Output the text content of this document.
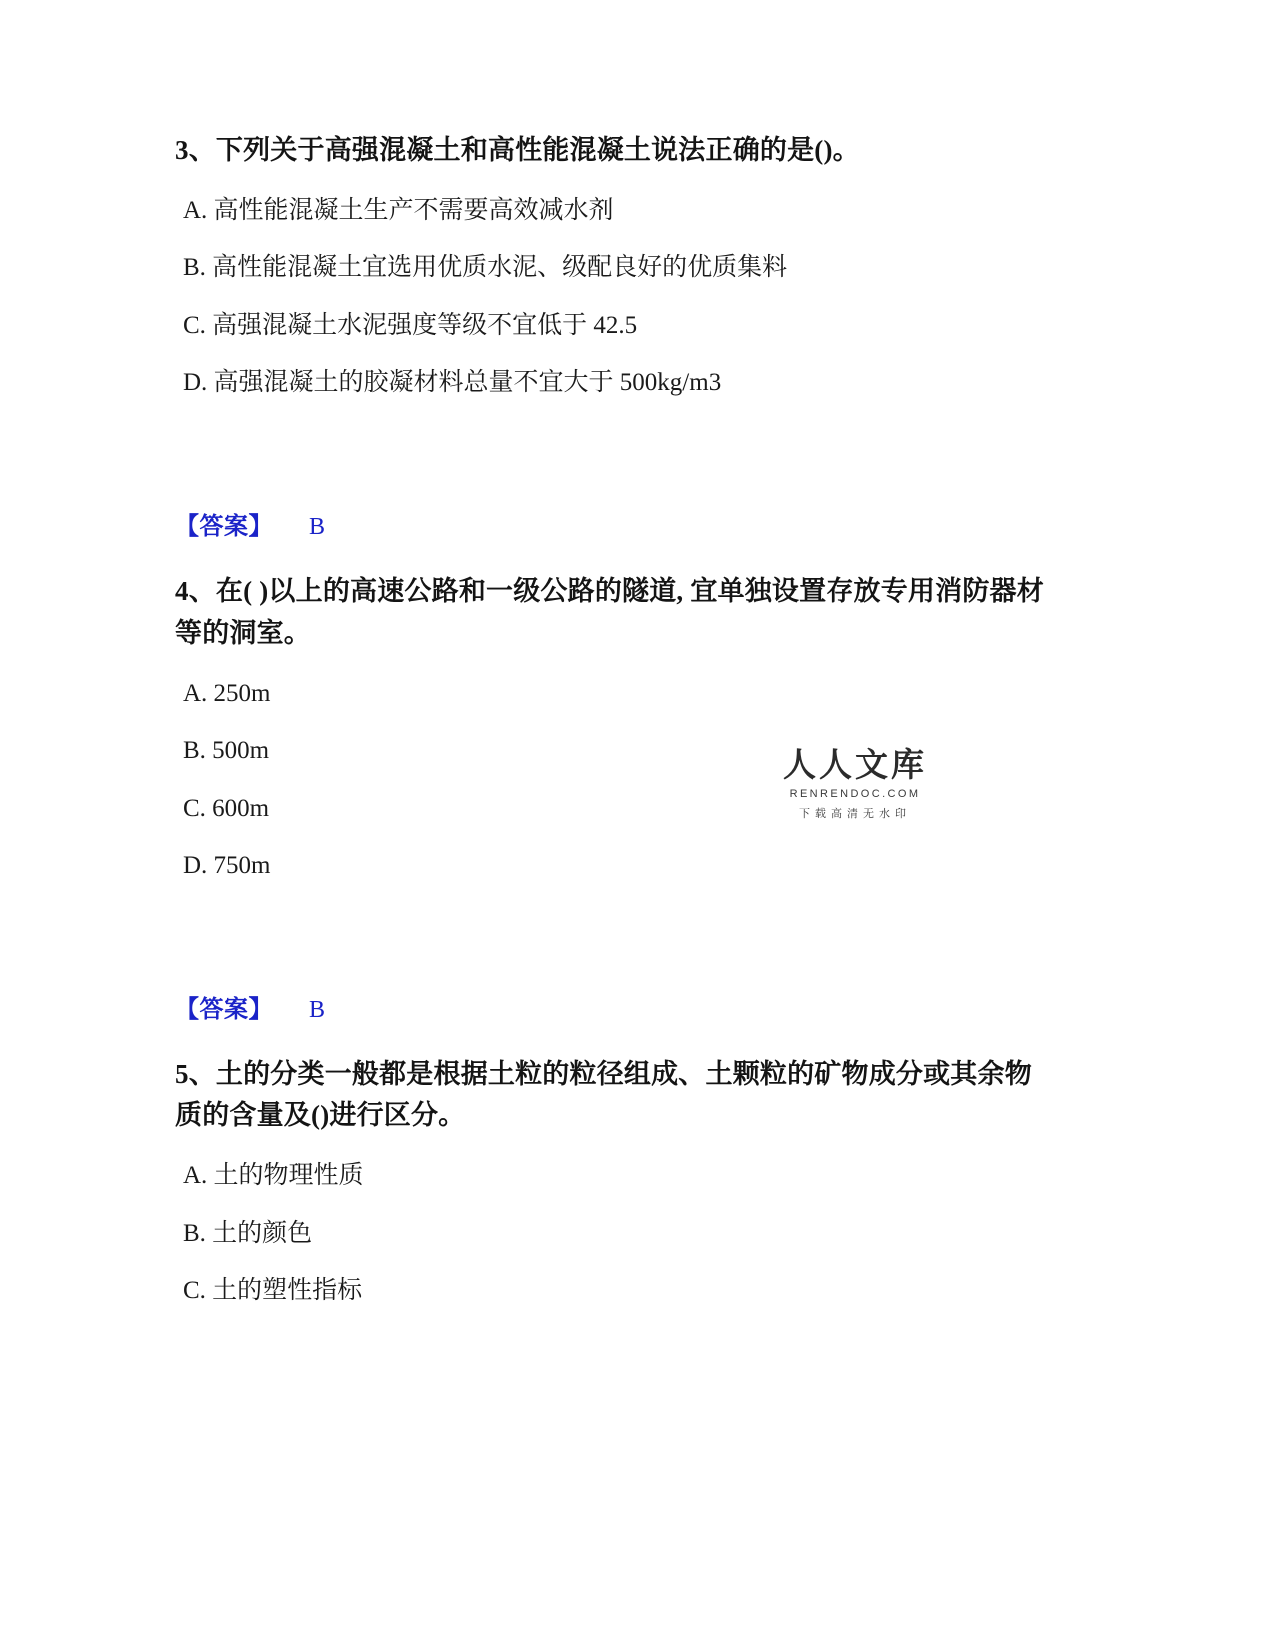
3、下列关于高强混凝土和高性能混凝土说法正确的是()。

A. 高性能混凝土生产不需要高效减水剂

B. 高性能混凝土宜选用优质水泥、级配良好的优质集料

C. 高强混凝土水泥强度等级不宜低于 42.5

D. 高强混凝土的胶凝材料总量不宜大于 500kg/m3

【答案】 B

4、在( )以上的高速公路和一级公路的隧道, 宜单独设置存放专用消防器材等的洞室。

A. 250m

B. 500m

C. 600m

D. 750m

【答案】 B

5、土的分类一般都是根据土粒的粒径组成、土颗粒的矿物成分或其余物质的含量及()进行区分。

A. 土的物理性质

B. 土的颜色

C. 土的塑性指标

人人文库
RENRENDOC.COM
下载高清无水印
